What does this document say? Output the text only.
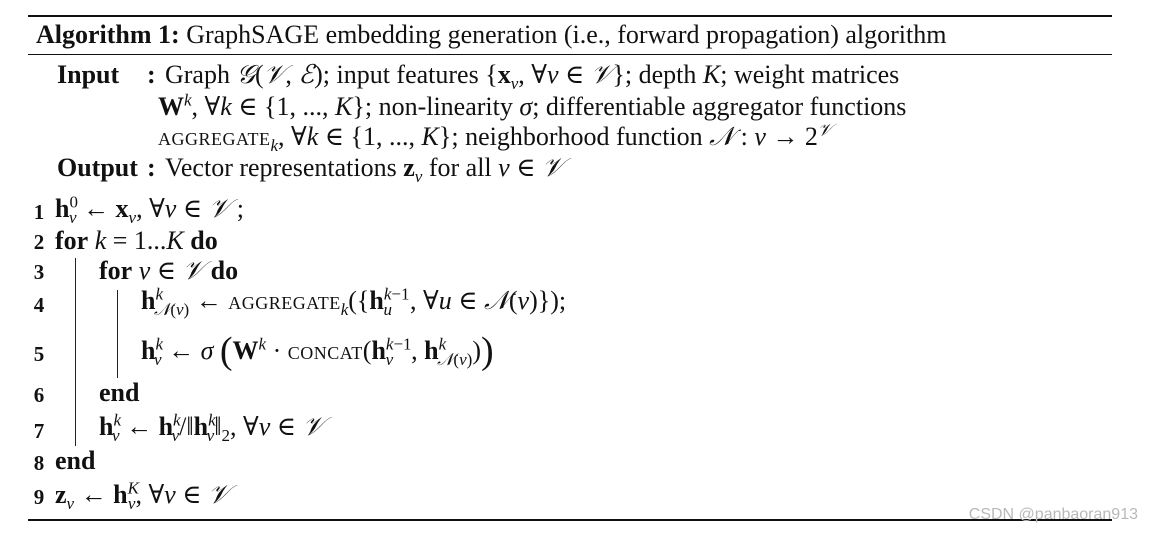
Algorithm 1: GraphSAGE embedding generation (i.e., forward propagation) algorithm
Input : Graph 𝒢(𝒱, ℰ); input features {$x_v$, ∀v ∈ 𝒱}; depth K; weight matrices
$W^k$, ∀k ∈ {1, ..., K}; non-linearity σ; differentiable aggregator functions
aggregate$_k$, ∀k ∈ {1, ..., K}; neighborhood function 𝒩 : $v \to 2^𝒱$
Output : Vector representations $z_v$ for all v ∈ 𝒱
1
2
3
4
5
6
7
8
9
$h^0_v$ ← $x_v$, ∀v ∈ 𝒱 ;
for k = 1...K do
for v ∈ 𝒱 do
$h^k_{𝒩(v)}$ ← $aggregate_k(\{h^{k-1}_u$ , ∀u ∈ 𝒩(v)});
$h^k_v$ ← σ ($W^k$ · $concat(h^{k-1}_v$ , $h^k_{𝒩(v)}$))
end
$h^k_v$ ← $h^k_v/‖h^k_v‖_2$, ∀v ∈ 𝒱
end
$z_v$ ← $h^K_v$, ∀v ∈ 𝒱
CSDN @panbaoran913
